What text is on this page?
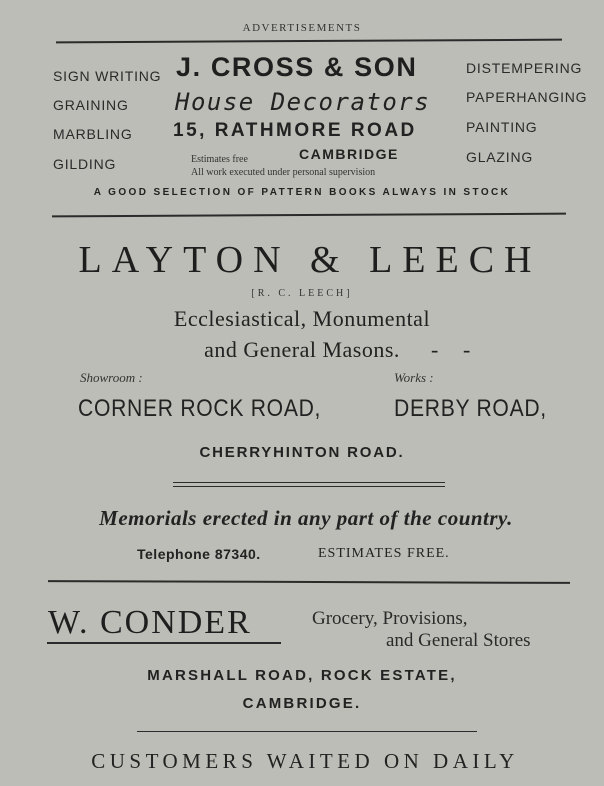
ADVERTISEMENTS
SIGN WRITING
GRAINING
MARBLING
GILDING
DISTEMPERING
PAPERHANGING
PAINTING
GLAZING
J. CROSS & SON
House Decorators
15, RATHMORE ROAD
Estimates free	CAMBRIDGE
All work executed under personal supervision
A GOOD SELECTION OF PATTERN BOOKS ALWAYS IN STOCK
LAYTON & LEECH
[R. C. LEECH]
Ecclesiastical, Monumental
and General Masons.	- -
Showroom :	Works :
CORNER ROCK ROAD,	DERBY ROAD,
CHERRYHINTON ROAD.
Memorials erected in any part of the country.
Telephone 87340.	ESTIMATES FREE.
W. CONDER	Grocery, Provisions,
and General Stores
MARSHALL ROAD, ROCK ESTATE,
CAMBRIDGE.
CUSTOMERS WAITED ON DAILY
